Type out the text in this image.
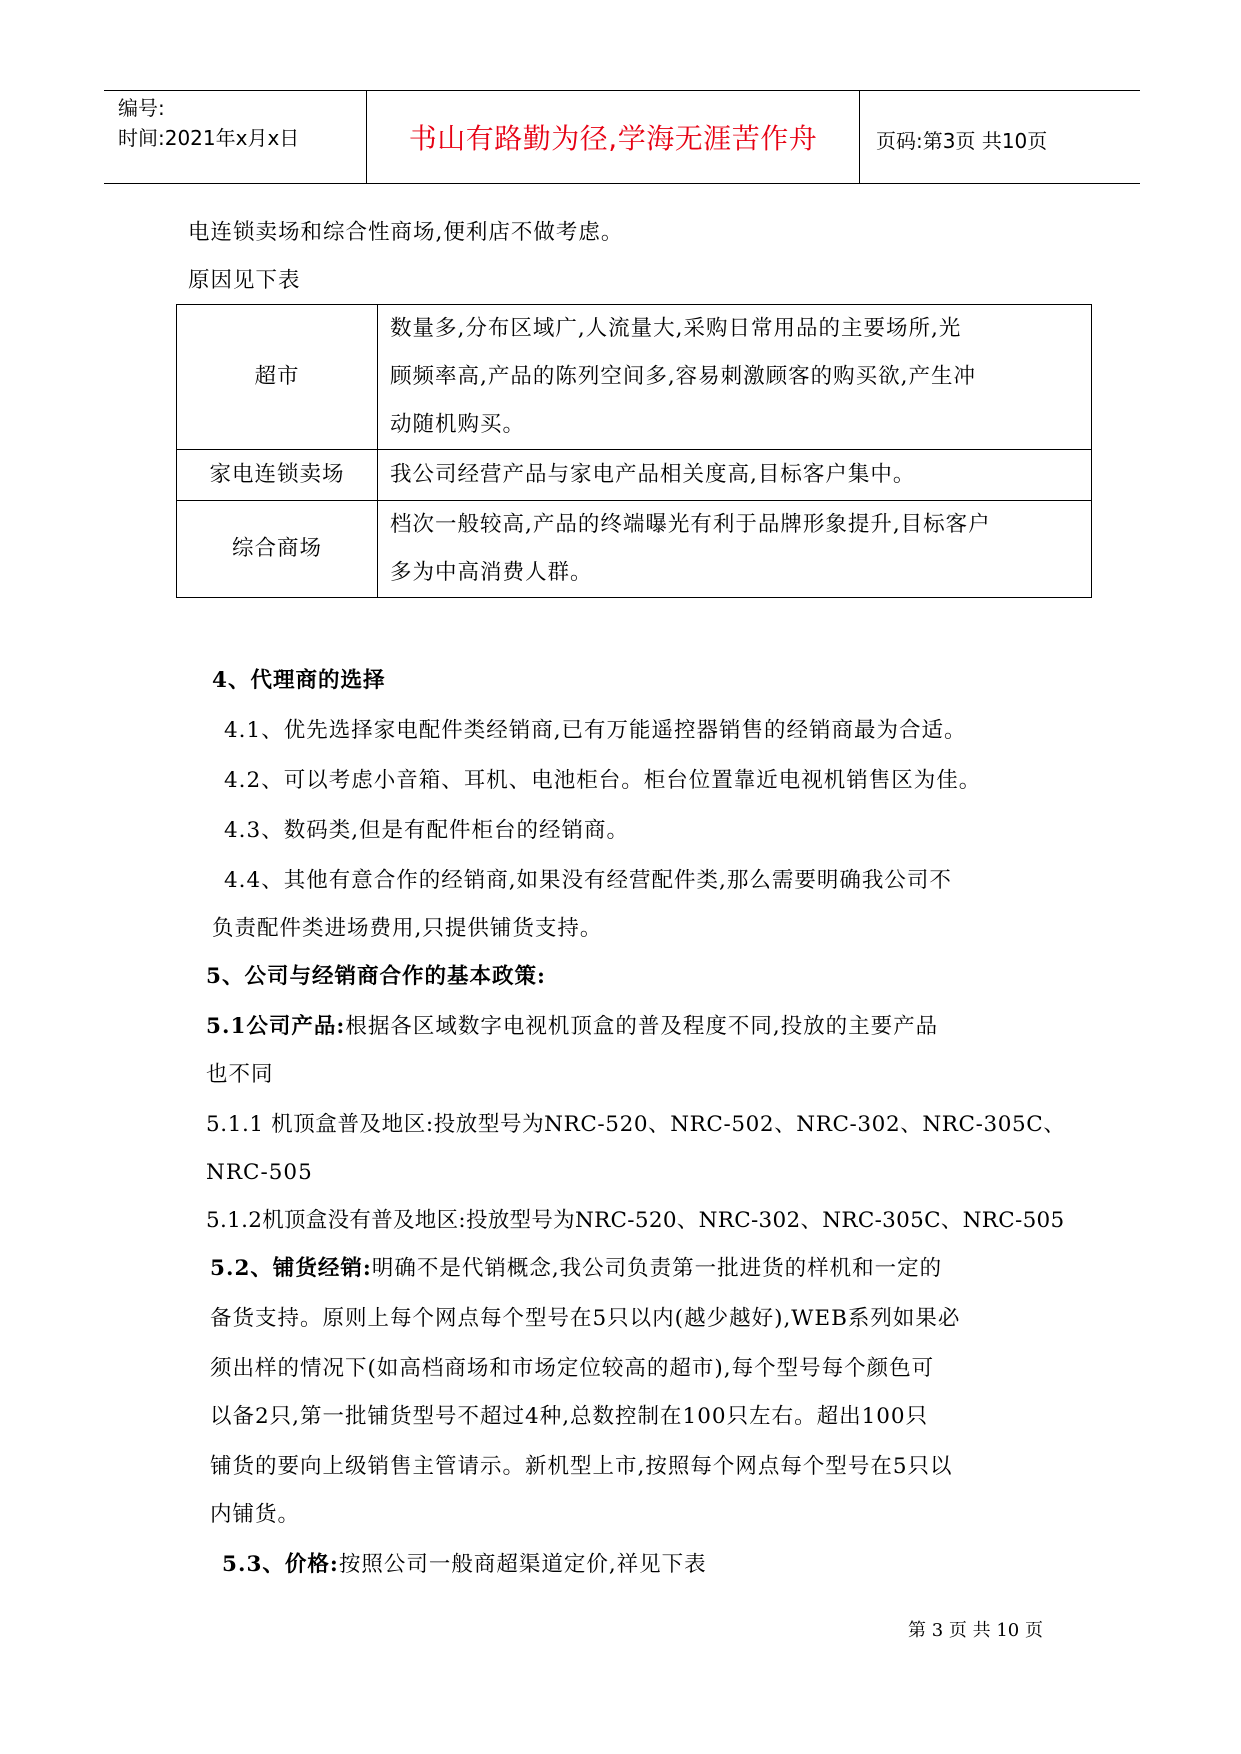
编号:
时间:2021年x月x日	书山有路勤为径,学海无涯苦作舟	页码:第3页 共10页
电连锁卖场和综合性商场,便利店不做考虑。
原因见下表
超市	数量多,分布区域广,人流量大,采购日常用品的主要场所,光
顾频率高,产品的陈列空间多,容易刺激顾客的购买欲,产生冲
动随机购买。

家电连锁卖场	我公司经营产品与家电产品相关度高,目标客户集中。

综合商场	档次一般较高,产品的终端曝光有利于品牌形象提升,目标客户
多为中高消费人群。
4、代理商的选择
4.1、优先选择家电配件类经销商,已有万能遥控器销售的经销商最为合适。
4.2、可以考虑小音箱、耳机、电池柜台。柜台位置靠近电视机销售区为佳。
4.3、数码类,但是有配件柜台的经销商。
4.4、其他有意合作的经销商,如果没有经营配件类,那么需要明确我公司不
负责配件类进场费用,只提供铺货支持。
5、公司与经销商合作的基本政策:
5.1公司产品:根据各区域数字电视机顶盒的普及程度不同,投放的主要产品
也不同
5.1.1 机顶盒普及地区:投放型号为NRC-520、NRC-502、NRC-302、NRC-305C、
NRC-505
5.1.2机顶盒没有普及地区:投放型号为NRC-520、NRC-302、NRC-305C、NRC-505
5.2、铺货经销:明确不是代销概念,我公司负责第一批进货的样机和一定的
备货支持。原则上每个网点每个型号在5只以内(越少越好),WEB系列如果必
须出样的情况下(如高档商场和市场定位较高的超市),每个型号每个颜色可
以备2只,第一批铺货型号不超过4种,总数控制在100只左右。超出100只
铺货的要向上级销售主管请示。新机型上市,按照每个网点每个型号在5只以
内铺货。
5.3、价格:按照公司一般商超渠道定价,祥见下表
第 3 页 共 10 页
